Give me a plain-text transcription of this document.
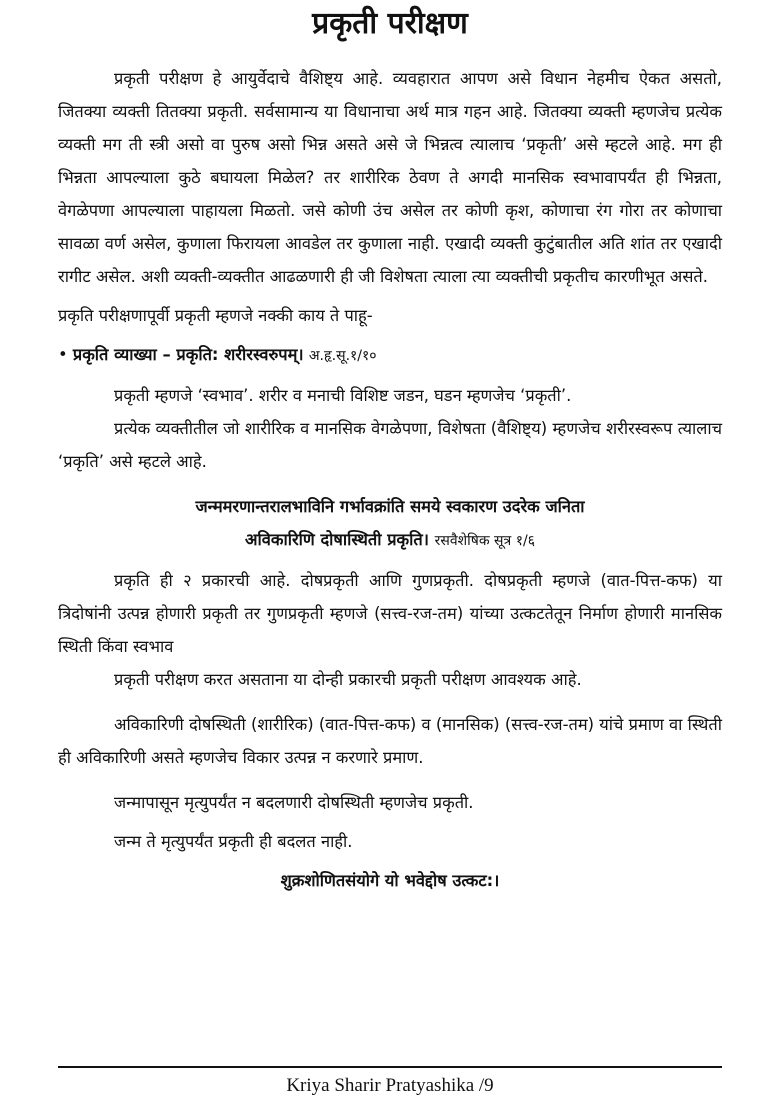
प्रकृती परीक्षण

प्रकृती परीक्षण हे आयुर्वेदाचे वैशिष्ट्य आहे. व्यवहारात आपण असे विधान नेहमीच ऐकत असतो, जितक्या व्यक्ती तितक्या प्रकृती. सर्वसामान्य या विधानाचा अर्थ मात्र गहन आहे. जितक्या व्यक्ती म्हणजेच प्रत्येक व्यक्ती मग ती स्त्री असो वा पुरुष असो भिन्न असते असे जे भिन्नत्व त्यालाच ‘प्रकृती’ असे म्हटले आहे. मग ही भिन्नता आपल्याला कुठे बघायला मिळेल? तर शारीरिक ठेवण ते अगदी मानसिक स्वभावापर्यंत ही भिन्नता, वेगळेपणा आपल्याला पाहायला मिळतो. जसे कोणी उंच असेल तर कोणी कृश, कोणाचा रंग गोरा तर कोणाचा सावळा वर्ण असेल, कुणाला फिरायला आवडेल तर कुणाला नाही. एखादी व्यक्ती कुटुंबातील अति शांत तर एखादी रागीट असेल. अशी व्यक्ती-व्यक्तीत आढळणारी ही जी विशेषता त्याला त्या व्यक्तीची प्रकृतीच कारणीभूत असते.

प्रकृति परीक्षणापूर्वी प्रकृती म्हणजे नक्की काय ते पाहू-

• प्रकृति व्याख्या – प्रकृति: शरीरस्वरुपम्। अ.हृ.सू.१/१०

प्रकृती म्हणजे ‘स्वभाव’. शरीर व मनाची विशिष्ट जडन, घडन म्हणजेच ‘प्रकृती’.

प्रत्येक व्यक्तीतील जो शारीरिक व मानसिक वेगळेपणा, विशेषता (वैशिष्ट्य) म्हणजेच शरीरस्वरूप त्यालाच ‘प्रकृति’ असे म्हटले आहे.

जन्ममरणान्तरालभाविनि गर्भावक्रांति समये स्वकारण उदरेक जनिता

अविकारिणि दोषास्थिती प्रकृति। रसवैशेषिक सूत्र १/६

प्रकृति ही २ प्रकारची आहे. दोषप्रकृती आणि गुणप्रकृती. दोषप्रकृती म्हणजे (वात-पित्त-कफ) या त्रिदोषांनी उत्पन्न होणारी प्रकृती तर गुणप्रकृती म्हणजे (सत्त्व-रज-तम) यांच्या उत्कटतेतून निर्माण होणारी मानसिक स्थिती किंवा स्वभाव

प्रकृती परीक्षण करत असताना या दोन्ही प्रकारची प्रकृती परीक्षण आवश्यक आहे.

अविकारिणी दोषस्थिती (शारीरिक) (वात-पित्त-कफ) व (मानसिक) (सत्त्व-रज-तम) यांचे प्रमाण वा स्थिती ही अविकारिणी असते म्हणजेच विकार उत्पन्न न करणारे प्रमाण.

जन्मापासून मृत्युपर्यंत न बदलणारी दोषस्थिती म्हणजेच प्रकृती.

जन्म ते मृत्युपर्यंत प्रकृती ही बदलत नाही.

शुक्रशोणितसंयोगे यो भवेद्दोष उत्कट:।

Kriya Sharir Pratyashika /9
